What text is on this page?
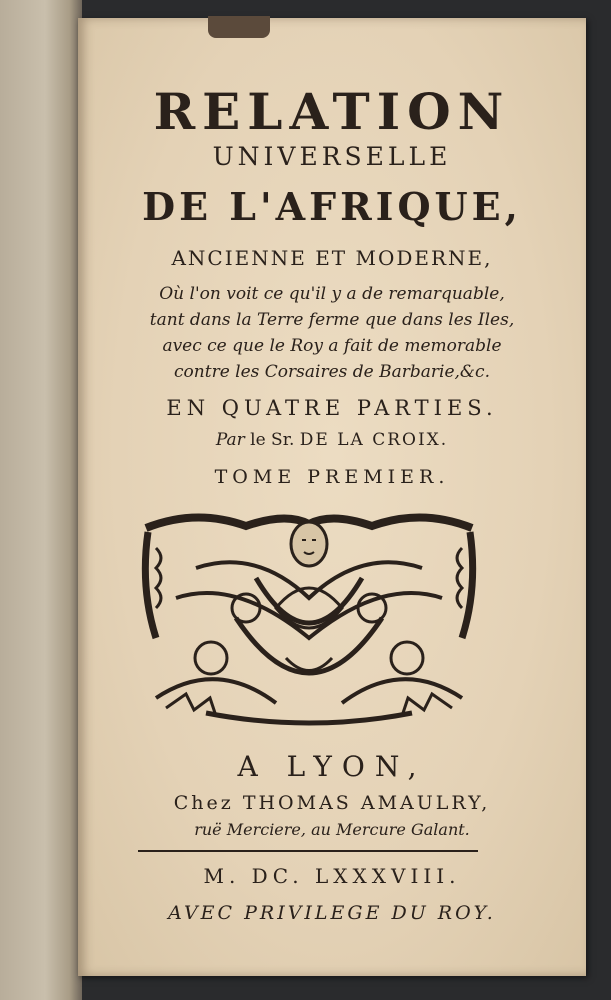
RELATION
UNIVERSELLE
DE L'AFRIQUE,
ANCIENNE ET MODERNE,
Où l'on voit ce qu'il y a de remarquable,
tant dans la Terre ferme que dans les Iles,
avec ce que le Roy a fait de memorable
contre les Corsaires de Barbarie,&c.
EN QUATRE PARTIES.
Par le Sr. DE LA CROIX.
TOME PREMIER.
A LYON,
Chez THOMAS AMAULRY,
ruë Merciere, au Mercure Galant.
M. DC. LXXXVIII.
AVEC PRIVILEGE DU ROY.
